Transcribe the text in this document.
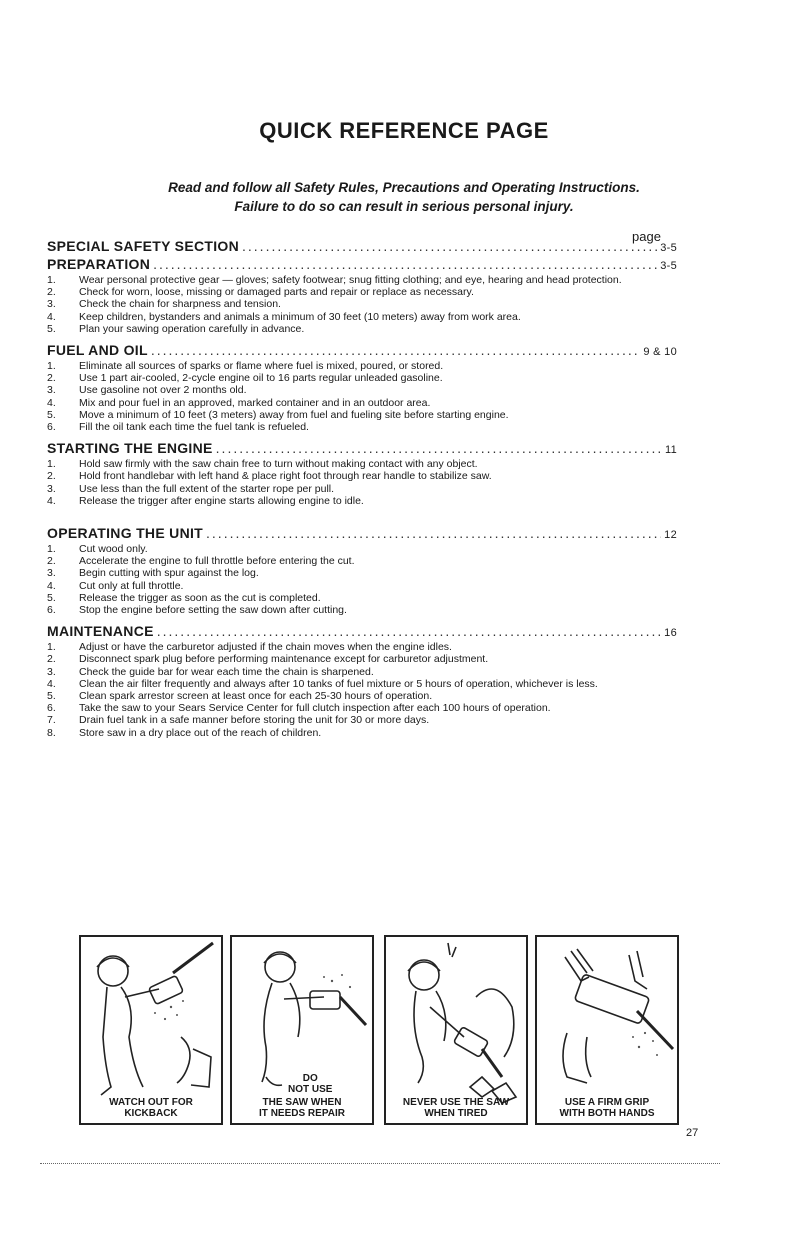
QUICK REFERENCE PAGE
Read and follow all Safety Rules, Precautions and Operating Instructions.
Failure to do so can result in serious personal injury.
page
SPECIAL SAFETY SECTION .....	3-5
PREPARATION .....	3-5
1.	Wear personal protective gear — gloves; safety footwear; snug fitting clothing; and eye, hearing and head protection.
2.	Check for worn, loose, missing or damaged parts and repair or replace as necessary.
3.	Check the chain for sharpness and tension.
4.	Keep children, bystanders and animals a minimum of 30 feet (10 meters) away from work area.
5.	Plan your sawing operation carefully in advance.
FUEL AND OIL .....	9 & 10
1.	Eliminate all sources of sparks or flame where fuel is mixed, poured, or stored.
2.	Use 1 part air-cooled, 2-cycle engine oil to 16 parts regular unleaded gasoline.
3.	Use gasoline not over 2 months old.
4.	Mix and pour fuel in an approved, marked container and in an outdoor area.
5.	Move a minimum of 10 feet (3 meters) away from fuel and fueling site before starting engine.
6.	Fill the oil tank each time the fuel tank is refueled.
STARTING THE ENGINE .....	11
1.	Hold saw firmly with the saw chain free to turn without making contact with any object.
2.	Hold front handlebar with left hand & place right foot through rear handle to stabilize saw.
3.	Use less than the full extent of the starter rope per pull.
4.	Release the trigger after engine starts allowing engine to idle.
OPERATING THE UNIT .....	12
1.	Cut wood only.
2.	Accelerate the engine to full throttle before entering the cut.
3.	Begin cutting with spur against the log.
4.	Cut only at full throttle.
5.	Release the trigger as soon as the cut is completed.
6.	Stop the engine before setting the saw down after cutting.
MAINTENANCE .....	16
1.	Adjust or have the carburetor adjusted if the chain moves when the engine idles.
2.	Disconnect spark plug before performing maintenance except for carburetor adjustment.
3.	Check the guide bar for wear each time the chain is sharpened.
4.	Clean the air filter frequently and always after 10 tanks of fuel mixture or 5 hours of operation, whichever is less.
5.	Clean spark arrestor screen at least once for each 25-30 hours of operation.
6.	Take the saw to your Sears Service Center for full clutch inspection after each 100 hours of operation.
7.	Drain fuel tank in a safe manner before storing the unit for 30 or more days.
8.	Store saw in a dry place out of the reach of children.
WATCH OUT FOR
KICKBACK
DO
NOT USE
THE SAW WHEN
IT NEEDS REPAIR
NEVER USE THE SAW
WHEN TIRED
USE A FIRM GRIP
WITH BOTH HANDS
27
